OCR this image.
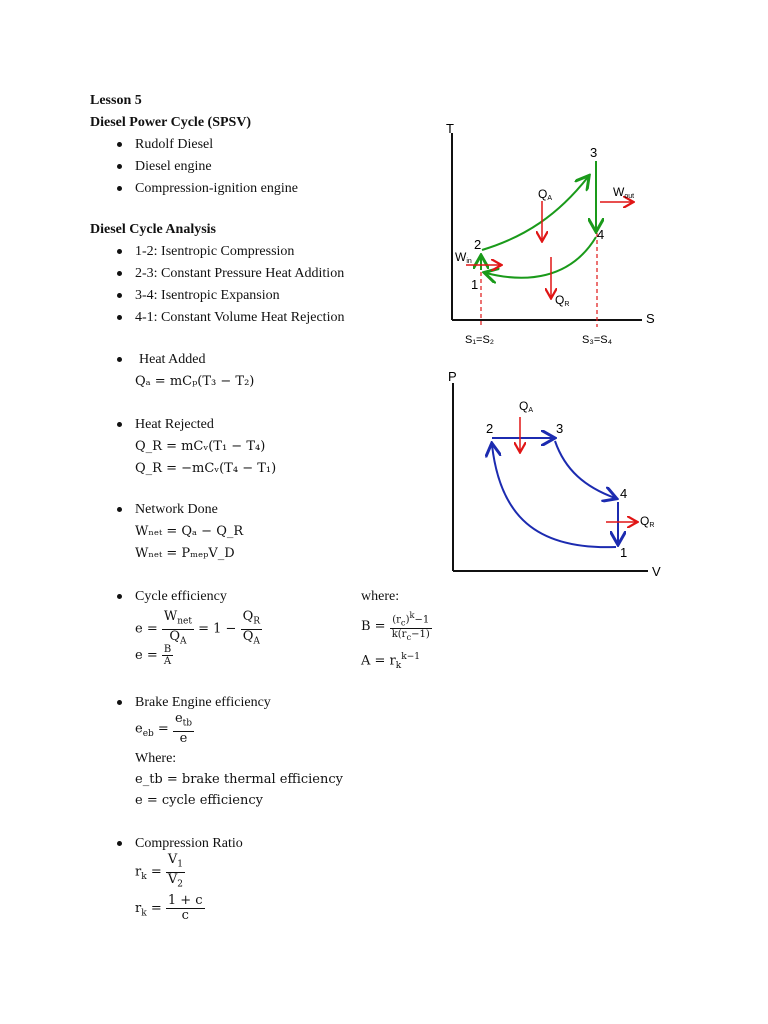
Lesson 5
Diesel Power Cycle (SPSV)
Rudolf Diesel
Diesel engine
Compression-ignition engine
Diesel Cycle Analysis
1-2: Isentropic Compression
2-3: Constant Pressure Heat Addition
3-4: Isentropic Expansion
4-1: Constant Volume Heat Rejection
Heat Added
Qₐ = mCₚ(T₃ − T₂)
Heat Rejected
Q_R = mCᵥ(T₁ − T₄)
Q_R = −mCᵥ(T₄ − T₁)
Network Done
Wₙₑₜ = Qₐ − Q_R
Wₙₑₜ = PₘₑₚV_D
Cycle efficiency	where:
$e = \frac{W_{net}}{Q_A} = 1 - \frac{Q_R}{Q_A}$
$e = \frac{B}{A}$
$B = \frac{(r_c)^k-1}{k(r_c-1)}$
$A = r_k^{k-1}$
Brake Engine efficiency
$e_{eb} = \frac{e_{tb}}{e}$
Where:
e_tb = brake thermal efficiency
e = cycle efficiency
Compression Ratio
$r_k = \frac{V_1}{V_2}$
$r_k = \frac{1 + c}{c}$
T
S
1
2
3
4
QA
QR
Win
Wout
S₁=S₂	S₃=S₄
P
V
2	3
4
1
QA
QR
